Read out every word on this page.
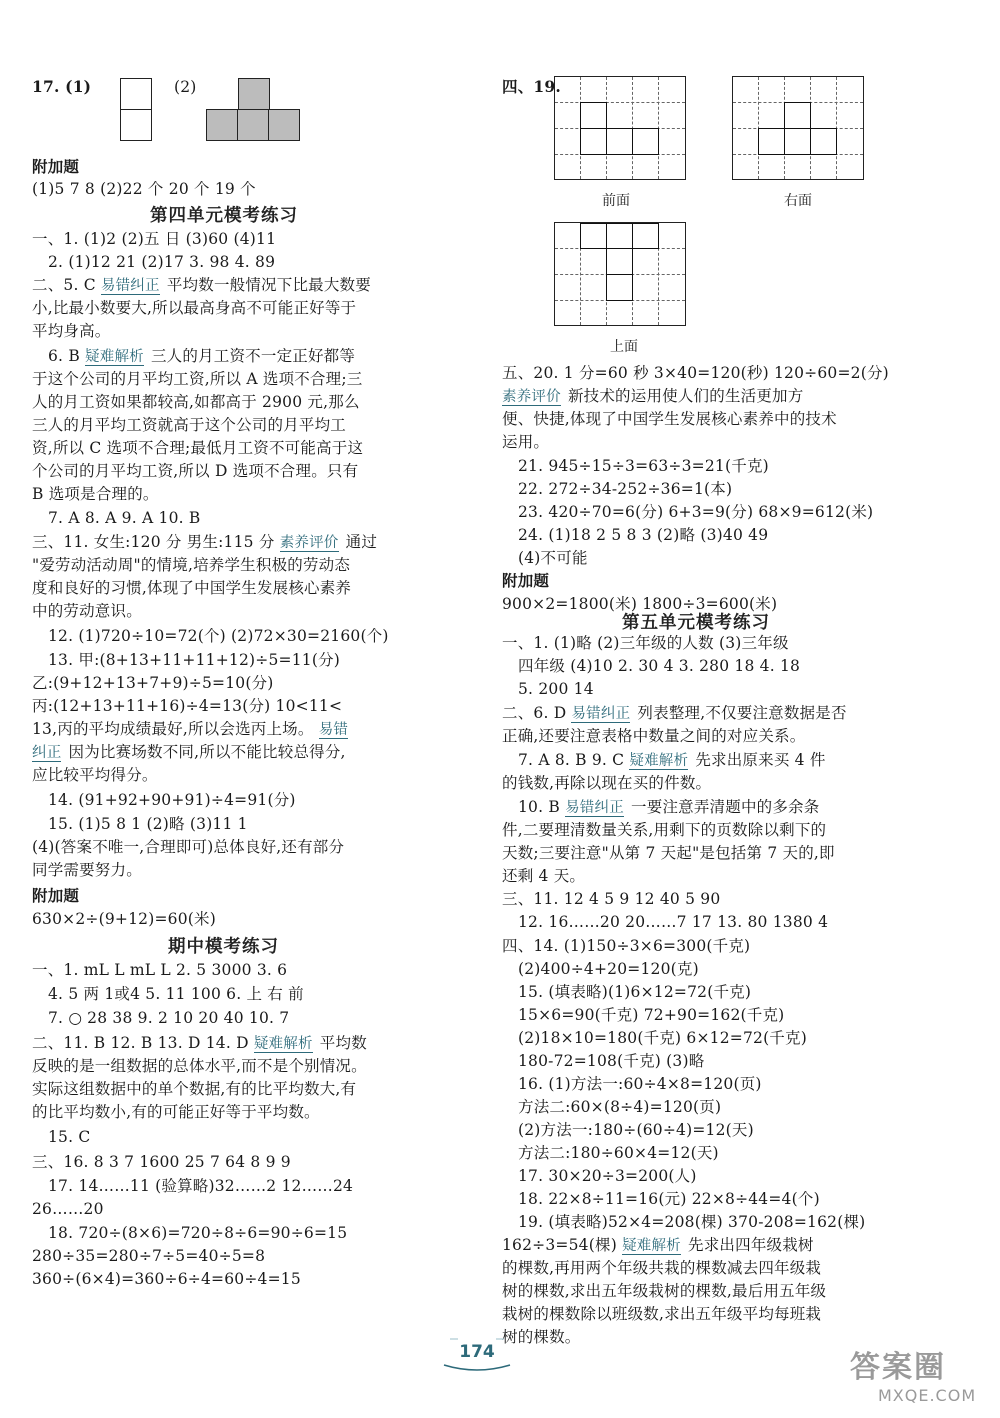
17. (1)	(2)
附加题
(1)5 7 8 (2)22 个 20 个 19 个
第四单元模考练习
一、1. (1)2 (2)五 日 (3)60 (4)11
2. (1)12 21 (2)17 3. 98 4. 89
二、5. C 易错纠正 平均数一般情况下比最大数要
小,比最小数要大,所以最高身高不可能正好等于
平均身高。
6. B 疑难解析 三人的月工资不一定正好都等
于这个公司的月平均工资,所以 A 选项不合理;三
人的月工资如果都较高,如都高于 2900 元,那么
三人的月平均工资就高于这个公司的月平均工
资,所以 C 选项不合理;最低月工资不可能高于这
个公司的月平均工资,所以 D 选项不合理。只有
B 选项是合理的。
7. A 8. A 9. A 10. B
三、11. 女生:120 分 男生:115 分 素养评价 通过
"爱劳动活动周"的情境,培养学生积极的劳动态
度和良好的习惯,体现了中国学生发展核心素养
中的劳动意识。
12. (1)720÷10=72(个) (2)72×30=2160(个)
13. 甲:(8+13+11+11+12)÷5=11(分)
乙:(9+12+13+7+9)÷5=10(分)
丙:(12+13+11+16)÷4=13(分) 10<11<
13,丙的平均成绩最好,所以会选丙上场。 易错
纠正 因为比赛场数不同,所以不能比较总得分,
应比较平均得分。
14. (91+92+90+91)÷4=91(分)
15. (1)5 8 1 (2)略 (3)11 1
(4)(答案不唯一,合理即可)总体良好,还有部分
同学需要努力。
附加题
630×2÷(9+12)=60(米)
期中模考练习
一、1. mL L mL L 2. 5 3000 3. 6
4. 5 两 1或4 5. 11 100 6. 上 右 前
7. ○ 28 38 9. 2 10 20 40 10. 7
二、11. B 12. B 13. D 14. D 疑难解析 平均数
反映的是一组数据的总体水平,而不是个别情况。
实际这组数据中的单个数据,有的比平均数大,有
的比平均数小,有的可能正好等于平均数。
15. C
三、16. 8 3 7 1600 25 7 64 8 9 9
17. 14……11 (验算略)32……2 12……24
26……20
18. 720÷(8×6)=720÷8÷6=90÷6=15
280÷35=280÷7÷5=40÷5=8
360÷(6×4)=360÷6÷4=60÷4=15
四、19.
前面	右面
上面
五、20. 1 分=60 秒 3×40=120(秒) 120÷60=2(分)
素养评价 新技术的运用使人们的生活更加方
便、快捷,体现了中国学生发展核心素养中的技术
运用。
21. 945÷15÷3=63÷3=21(千克)
22. 272÷34-252÷36=1(本)
23. 420÷70=6(分) 6+3=9(分) 68×9=612(米)
24. (1)18 2 5 8 3 (2)略 (3)40 49
(4)不可能
附加题
900×2=1800(米) 1800÷3=600(米)
第五单元模考练习
一、1. (1)略 (2)三年级的人数 (3)三年级
四年级 (4)10 2. 30 4 3. 280 18 4. 18
5. 200 14
二、6. D 易错纠正 列表整理,不仅要注意数据是否
正确,还要注意表格中数量之间的对应关系。
7. A 8. B 9. C 疑难解析 先求出原来买 4 件
的钱数,再除以现在买的件数。
10. B 易错纠正 一要注意弄清题中的多余条
件,二要理清数量关系,用剩下的页数除以剩下的
天数;三要注意"从第 7 天起"是包括第 7 天的,即
还剩 4 天。
三、11. 12 4 5 9 12 40 5 90
12. 16……20 20……7 17 13. 80 1380 4
四、14. (1)150÷3×6=300(千克)
(2)400÷4+20=120(克)
15. (填表略)(1)6×12=72(千克)
15×6=90(千克) 72+90=162(千克)
(2)18×10=180(千克) 6×12=72(千克)
180-72=108(千克) (3)略
16. (1)方法一:60÷4×8=120(页)
方法二:60×(8÷4)=120(页)
(2)方法一:180÷(60÷4)=12(天)
方法二:180÷60×4=12(天)
17. 30×20÷3=200(人)
18. 22×8÷11=16(元) 22×8÷44=4(个)
19. (填表略)52×4=208(棵) 370-208=162(棵)
162÷3=54(棵) 疑难解析 先求出四年级栽树
的棵数,再用两个年级共栽的棵数减去四年级栽
树的棵数,求出五年级栽树的棵数,最后用五年级
栽树的棵数除以班级数,求出五年级平均每班栽
树的棵数。
174	答案圈
MXQE.COM
